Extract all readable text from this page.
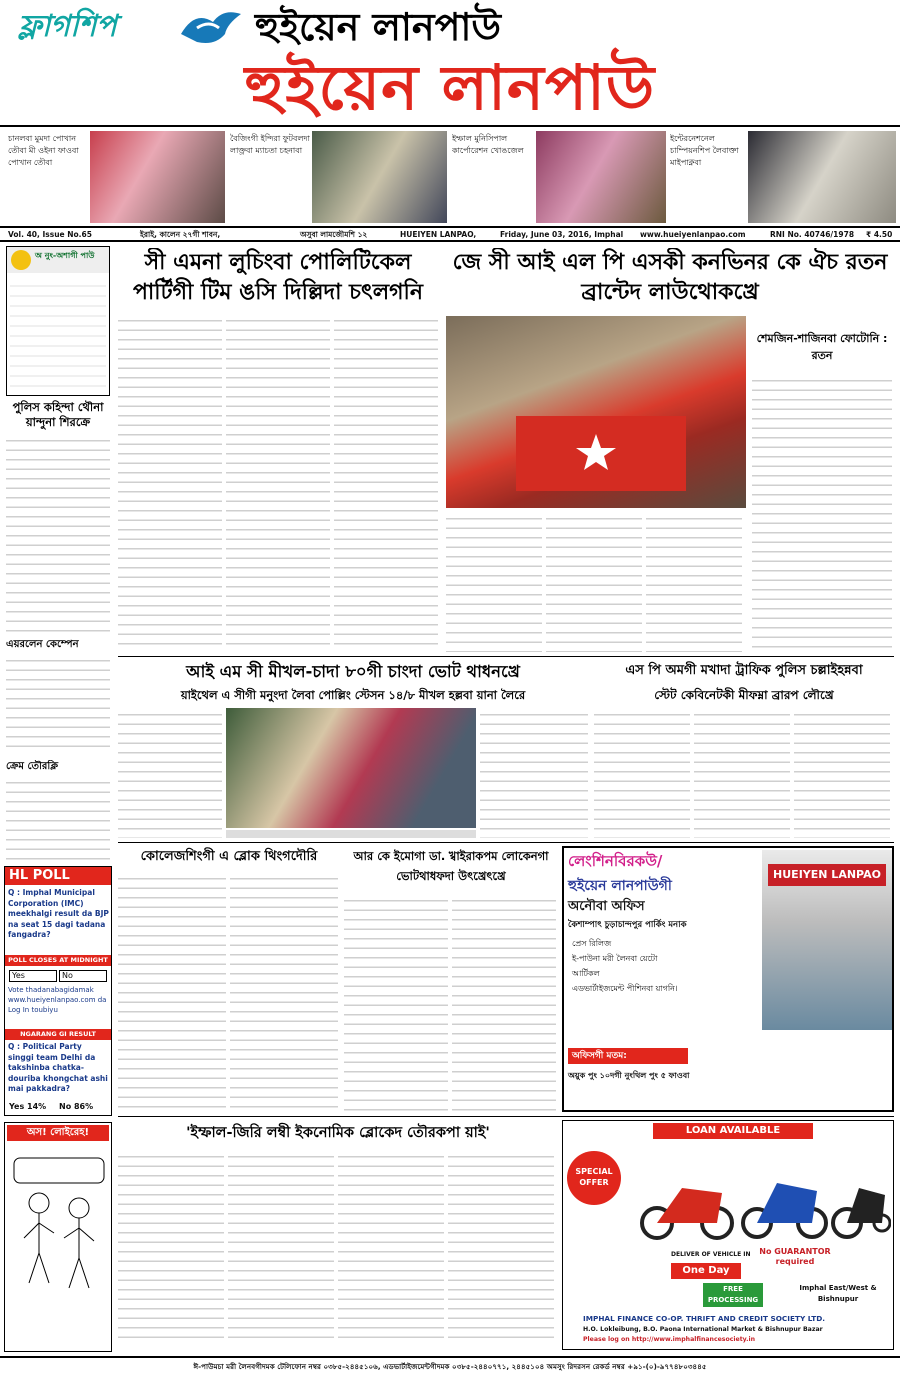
ফ্লাগশিপ	হুইয়েন লানপাউ
হুইয়েন লানপাউ
চানলবা মুমদা পোখান তৌবা মী ওইনা ফাওবা পোখান তৌবা
বৈজিংগী ইন্দিরা ফুটবলদা লাক্ত্রবা ম্যাচতা চহনাবা
ইম্ফাল মুনিসিপাল কার্পোরেশন খোঙজেল
ইন্টেরনেশনেল চাম্পিয়নশিপ লৈবাক্তা মাইপাক্নবা
Vol. 40, Issue No.65	ইরাই, কালেন ২৭গী শাবন,	অসুবা লামজৌমশি ১২	HUEIYEN LANPAO,	Friday, June 03, 2016, Imphal www.hueiyenlanpao.com	RNI No. 40746/1978 ₹ 4.50
অ নুং-অশাগী পাউ
পুলিস কহিন্দা থৌনা য়ান্দুনা শিরক্রে
এয়রলেন কেম্পেন
ক্রেম তৌরক্লি
HL POLL
Q : Imphal Municipal Corporation (IMC) meekhalgi result da BJP na seat 15 dagi tadana fangadra?
POLL CLOSES AT MIDNIGHT
Yes	No
Vote thadanabagidamak www.hueiyenlanpao.com da Log In toubiyu
NGARANG GI RESULT
Q : Political Party singgi team Delhi da takshinba chatka-douriba khongchat ashi mai pakkadra?
Yes 14%	No 86%
অস! লোইরেহ!
সী এমনা লুচিংবা পোলিটিকেল পার্টিগী টিম ঙসি দিল্লিদা চৎলগনি
জে সী আই এল পি এসকী কনভিনর কে ঐচ রতন ব্রান্টেদ লাউথোকখ্রে
শেমজিন-শাজিনবা ফোটোনি : রতন
আই এম সী মীখল-চাদা ৮০গী চাংদা ভোট থাধনখ্রে
য়াইথেল এ সীগী মনুংদা লৈবা পোল্লিং স্টেসন ১৪/৮ মীখল হল্লবা য়ানা লৈরে
এস পি অমগী মখাদা ট্রাফিক পুলিস চল্লাইহন্নবা
স্টেট কেবিনেটকী মীফম্না ব্রারপ লৌখ্রে
কোলেজশিংগী এ ব্লোক থিংগদৌরি	আর কে ইমোগা ডা. খ্বাইরাকপম লোকেনগা ভোটথাধফদা উৎখ্রেৎখ্রে
লেংশিনবিরকউ/
হুইয়েন লানপাউগী
অনৌবা অফিস
কৈশাম্পাৎ চুড়াচান্দপুর পার্কিং মনাক
প্রেস রিলিজ
ই-পাউনা মরী লৈনবা য়েটো
আর্টিকল
এডভার্টাইজমেন্ট পীশিনবা য়াগনি।
HUEIYEN LANPAO
অফিসগী মতম:
অয়ুক পুং ১০দগী নুংথিল পুং ৫ ফাওবা
'ইম্ফাল-জিরি লম্বী ইকনোমিক ব্লোকেদ তৌরকপা য়াই'	LOAN AVAILABLE
SPECIAL OFFER
DELIVER OF VEHICLE IN
One Day
No GUARANTOR required
FREE PROCESSING
Imphal East/West & Bishnupur
IMPHAL FINANCE CO-OP. THRIFT AND CREDIT SOCIETY LTD.
H.O. Lokleibung, B.O. Paona International Market & Bishnupur Bazar
Please log on http://www.imphalfinancesociety.in
ঈ-পাউমচা মরী লৈনবগীদমক টেলিফোন নম্বর ০৩৮৫-২৪৪৫১০৬, এডভার্টাইজমেন্টগীদমক ০৩৮৫-২৪৪০৭৭১, ২৪৪৫১০৪ অমসুং রিদরসন রেকর্ড নম্বর +৯১-(০)-৯৭৭৪৮০৩৪৪৫
